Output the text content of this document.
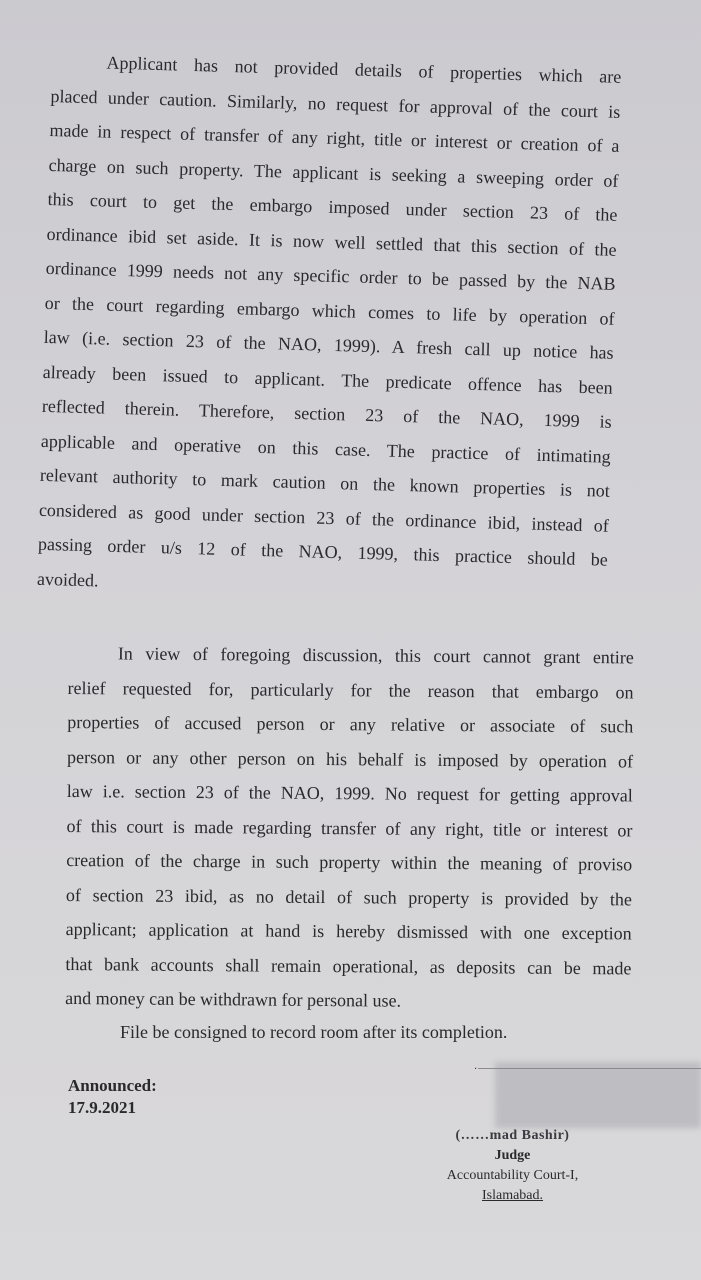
Applicant has not provided details of properties which are

placed under caution. Similarly, no request for approval of the court is

made in respect of transfer of any right, title or interest or creation of a

charge on such property. The applicant is seeking a sweeping order of

this court to get the embargo imposed under section 23 of the

ordinance ibid set aside. It is now well settled that this section of the

ordinance 1999 needs not any specific order to be passed by the NAB

or the court regarding embargo which comes to life by operation of

law (i.e. section 23 of the NAO, 1999). A fresh call up notice has

already been issued to applicant. The predicate offence has been

reflected therein. Therefore, section 23 of the NAO, 1999 is

applicable and operative on this case. The practice of intimating

relevant authority to mark caution on the known properties is not

considered as good under section 23 of the ordinance ibid, instead of

passing order u/s 12 of the NAO, 1999, this practice should be

avoided.

In view of foregoing discussion, this court cannot grant entire

relief requested for, particularly for the reason that embargo on

properties of accused person or any relative or associate of such

person or any other person on his behalf is imposed by operation of

law i.e. section 23 of the NAO, 1999. No request for getting approval

of this court is made regarding transfer of any right, title or interest or

creation of the charge in such property within the meaning of proviso

of section 23 ibid, as no detail of such property is provided by the

applicant; application at hand is hereby dismissed with one exception

that bank accounts shall remain operational, as deposits can be made

and money can be withdrawn for personal use.

File be consigned to record room after its completion.
Announced:
17.9.2021
‧
(……mad Bashir)
Judge
Accountability Court-I,
Islamabad.
